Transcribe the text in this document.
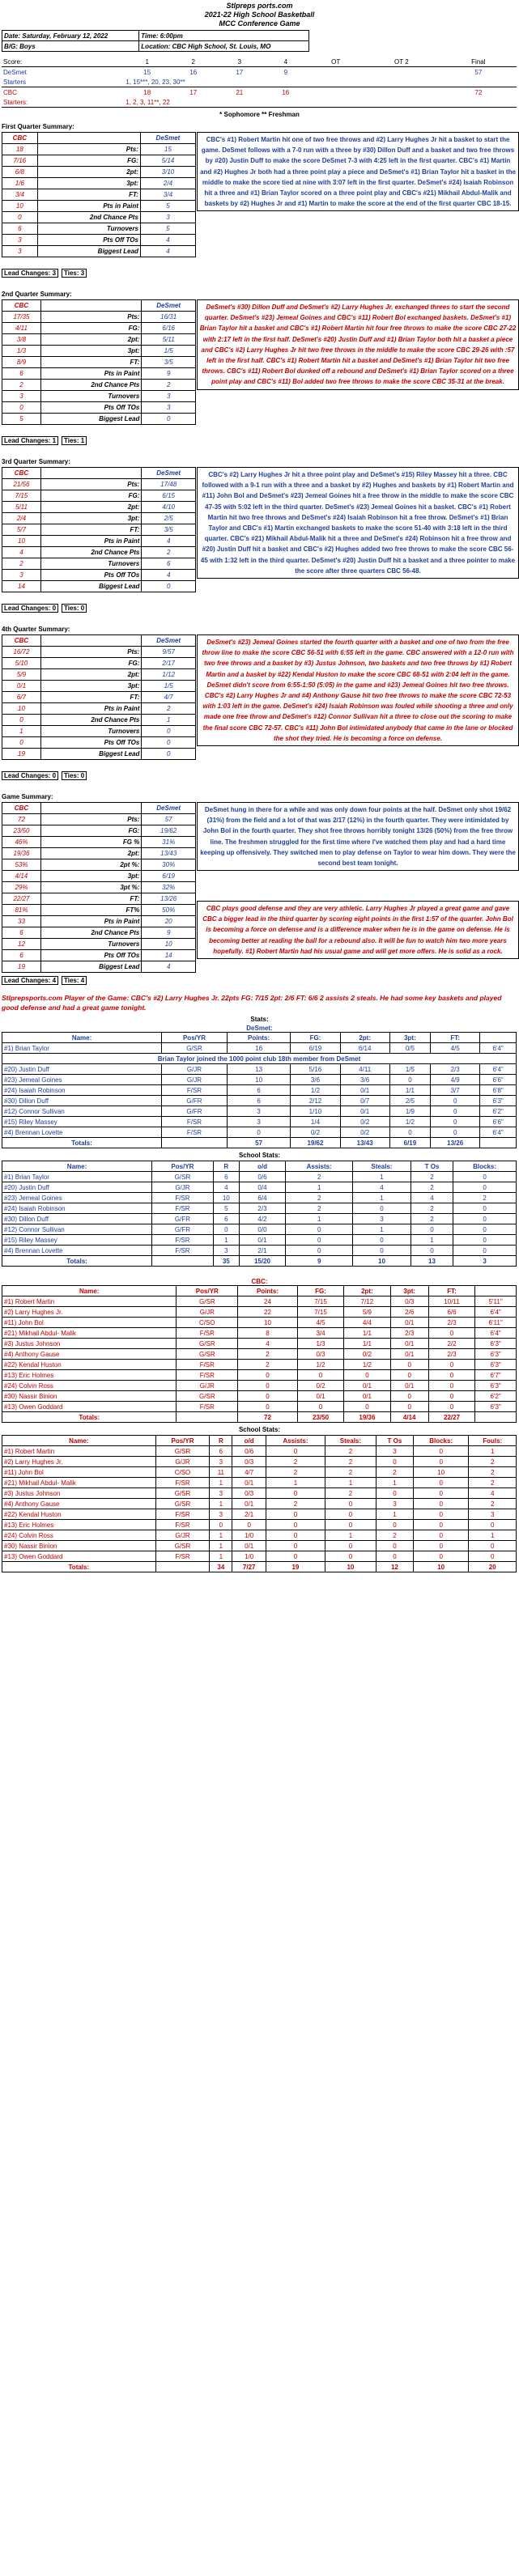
Stlpreps ports.com
2021-22 High School Basketball
MCC Conference Game
Date: Saturday, February 12, 2022	Time: 6:00pm
B/G: Boys	Location: CBC High School, St. Louis, MO
Score:	1	2	3	4	OT	OT 2	Final
DeSmet	15	16	17	9			57
Starters	1, 15***, 20, 23, 30**						
CBC	18	17	21	16			72
Starters:	1, 2, 3, 11**, 22						
* Sophomore ** Freshman
First Quarter Summary:
CBC		DeSmet
18	Pts:	15
7/16	FG:	5/14
6/8	2pt:	3/10
1/6	3pt:	2/4
3/4	FT:	3/4
10	Pts in Paint	5
0	2nd Chance Pts	3
6	Turnovers	5
3	Pts Off TOs	4
3	Biggest Lead	4
CBC's #1) Robert Martin hit one of two free throws and #2) Larry Hughes Jr hit a basket to start the game. DeSmet follows with a 7-0 run with a three by #30) Dillon Duff and a basket and two free throws by #20) Justin Duff to make the score DeSmet 7-3 with 4:25 left in the first quarter. CBC's #1) Martin and #2) Hughes Jr both had a three point play a piece and DeSmet's #1) Brian Taylor hit a basket in the middle to make the score tied at nine with 3:07 left in the first quarter. DeSmet's #24) Isaiah Robinson hit a three and #1) Brian Taylor scored on a three point play and CBC's #21) Mikhail Abdul-Malik and baskets by #2) Hughes Jr and #1) Martin to make the score at the end of the first quarter CBC 18-15.
Lead Changes: 3 Ties: 3
2nd Quarter Summary:
CBC		DeSmet
17/35	Pts:	16/31
4/11	FG:	6/16
3/8	2pt:	5/11
1/3	3pt:	1/5
8/9	FT:	3/5
6	Pts in Paint	9
2	2nd Chance Pts	2
3	Turnovers	3
0	Pts Off TOs	3
5	Biggest Lead	0
DeSmet's #30) Dillon Duff and DeSmet's #2) Larry Hughes Jr. exchanged threes to start the second quarter. DeSmet's #23) Jemeal Goines and CBC's #11) Robert Bol exchanged baskets. DeSmet's #1) Brian Taylor hit a basket and CBC's #1) Robert Martin hit four free throws to make the score CBC 27-22 with 2:17 left in the first half. DeSmet's #20) Justin Duff and #1) Brian Taylor both hit a basket a piece and CBC's #2) Larry Hughes Jr hit two free throws in the middle to make the score CBC 29-26 with :57 left in the first half. CBC's #1) Robert Martin hit a basket and DeSmet's #1) Brian Taylor hit two free throws. CBC's #11) Robert Bol dunked off a rebound and DeSmet's #1) Brian Taylor scored on a three point play and CBC's #11) Bol added two free throws to make the score CBC 35-31 at the break.
Lead Changes: 1 Ties: 1
3rd Quarter Summary:
CBC		DeSmet
21/56	Pts:	17/48
7/15	FG:	6/15
5/11	2pt:	4/10
2/4	3pt:	2/5
5/7	FT:	3/5
10	Pts in Paint	4
4	2nd Chance Pts	2
2	Turnovers	6
3	Pts Off TOs	4
14	Biggest Lead	0
CBC's #2) Larry Hughes Jr hit a three point play and DeSmet's #15) Riley Massey hit a three. CBC followed with a 9-1 run with a three and a basket by #2) Hughes and baskets by #1) Robert Martin and #11) John Bol and DeSmet's #23) Jemeal Goines hit a free throw in the middle to make the score CBC 47-35 with 5:02 left in the third quarter. DeSmet's #23) Jemeal Goines hit a basket. CBC's #1) Robert Martin hit two free throws and DeSmet's #24) Isaiah Robinson hit a free throw. DeSmet's #1) Brian Taylor and CBC's #1) Martin exchanged baskets to make the score 51-40 with 3:18 left in the third quarter. CBC's #21) Mikhail Abdul-Malik hit a three and DeSmet's #24) Robinson hit a free throw and #20) Justin Duff hit a basket and CBC's #2) Hughes added two free throws to make the score CBC 56-45 with 1:32 left in the third quarter. DeSmet's #20) Justin Duff hit a basket and a three pointer to make the score after three quarters CBC 56-48.
Lead Changes: 0 Ties: 0
4th Quarter Summary:
CBC		DeSmet
16/72	Pts:	9/57
5/10	FG:	2/17
5/9	2pt:	1/12
0/1	3pt:	1/5
6/7	FT:	4/7
10	Pts in Paint	2
0	2nd Chance Pts	1
1	Turnovers	0
0	Pts Off TOs	0
19	Biggest Lead	0
DeSmet's #23) Jemeal Goines started the fourth quarter with a basket and one of two from the free throw line to make the score CBC 56-51 with 6:55 left in the game. CBC answered with a 12-0 run with two free throws and a basket by #3) Justus Johnson, two baskets and two free throws by #1) Robert Martin and a basket by #22) Kendal Huston to make the score CBC 68-51 with 2:04 left in the game. DeSmet didn't score from 6:55-1:50 (5:05) in the game and #23) Jemeal Goines hit two free throws. CBC's #2) Larry Hughes Jr and #4) Anthony Gause hit two free throws to make the score CBC 72-53 with 1:03 left in the game. DeSmet's #24) Isaiah Robinson was fouled while shooting a three and only made one free throw and DeSmet's #12) Connor Sullivan hit a three to close out the scoring to make the final score CBC 72-57. CBC's #11) John Bol intimidated anybody that came in the lane or blocked the shot they tried. He is becoming a force on defense.
Lead Changes: 0 Ties: 0
Game Summary:
CBC		DeSmet
72	Pts:	57
23/50	FG:	19/62
46%	FG %	31%
19/36	2pt:	13/43
53%	2pt %:	30%
4/14	3pt:	6/19
29%	3pt %:	32%
22/27	FT:	13/26
81%	FT%	50%
33	Pts in Paint	20
6	2nd Chance Pts	9
12	Turnovers	10
6	Pts Off TOs	14
19	Biggest Lead	4
DeSmet hung in there for a while and was only down four points at the half. DeSmet only shot 19/62 (31%) from the field and a lot of that was 2/17 (12%) in the fourth quarter. They were intimidated by John Bol in the fourth quarter. They shot free throws horribly tonight 13/26 (50%) from the free throw line. The freshmen struggled for the first time where I've watched them play and had a hard time keeping up offensively. They switched men to play defense on Taylor to wear him down. They were the second best team tonight.
CBC plays good defense and they are very athletic. Larry Hughes Jr played a great game and gave CBC a bigger lead in the third quarter by scoring eight points in the first 1:57 of the quarter. John Bol is becoming a force on defense and is a difference maker when he is in the game on defense. He is becoming better at reading the ball for a rebound also. It will be fun to watch him two more years hopefully. #1) Robert Martin had his usual game and will get more offers. He is solid as a rock.
Lead Changes: 4 Ties: 4
Stlprepsports.com Player of the Game: CBC's #2) Larry Hughes Jr. 22pts FG: 7/15 2pt: 2/6 FT: 6/6 2 assists 2 steals. He had some key baskets and played good defense and had a great game tonight.
Stats:
DeSmet:
Name:	Pos/YR	Points:	FG:	2pt:	3pt:	FT:	
#1) Brian Taylor	G/SR	16	6/19	6/14	0/5	4/5	6'4"
Brian Taylor joined the 1000 point club 18th member from DeSmet							
#20) Justin Duff	G/JR	13	5/16	4/11	1/5	2/3	6'4"
#23) Jemeal Goines	G/JR	10	3/6	3/6	0	4/9	6'6"
#24) Isaiah Robinson	F/SR	6	1/2	0/1	1/1	3/7	6'8"
#30) Dillon Duff	G/FR	6	2/12	0/7	2/5	0	6'3"
#12) Connor Sullivan	G/FR	3	1/10	0/1	1/9	0	6'2"
#15) Riley Massey	F/SR	3	1/4	0/2	1/2	0	6'6"
#4) Brennan Lovette	F/SR	0	0/2	0/2	0	0	6'4"
Totals:		57	19/62	13/43	6/19	13/26	
School Stats:
Name:	Pos/YR	R	o/d	Assists:	Steals:	T Os	Blocks:
#1) Brian Taylor	G/SR	6	0/6	2	1	2	0
#20) Justin Duff	G/JR	4	0/4	1	4	2	0
#23) Jemeal Goines	F/SR	10	6/4	2	1	4	2
#24) Isaiah Robinson	F/SR	5	2/3	2	0	2	0
#30) Dillon Duff	G/FR	6	4/2	1	3	2	0
#12) Connor Sullivan	G/FR	0	0/0	0	1	0	0
#15) Riley Massey	F/SR	1	0/1	0	0	1	0
#4) Brennan Lovette	F/SR	3	2/1	0	0	0	0
Totals:		35	15/20	9	10	13	3
CBC:
Name:	Pos/YR	Points:	FG:	2pt:	3pt:	FT:	
#1) Robert Martin	G/SR	24	7/15	7/12	0/3	10/11	5'11"
#2) Larry Hughes Jr.	G/JR	22	7/15	5/9	2/6	6/6	6'4"
#11) John Bol	C/SO	10	4/5	4/4	0/1	2/3	6'11"
#21) Mikhail Abdul- Malik	F/SR	8	3/4	1/1	2/3	0	6'4"
#3) Justus Johnson	G/SR	4	1/3	1/1	0/1	2/2	6'3"
#4) Anthony Gause	G/SR	2	0/3	0/2	0/1	2/3	6'3"
#22) Kendal Huston	F/SR	2	1/2	1/2	0	0	6'3"
#13) Eric Holmes	F/SR	0	0	0	0	0	6'7"
#24) Colvin Ross	G/JR	0	0/2	0/1	0/1	0	6'3"
#30) Nassir Binion	G/SR	0	0/1	0/1	0	0	6'2"
#13) Owen Goddard	F/SR	0	0	0	0	0	6'3"
Totals:		72	23/50	19/36	4/14	22/27	
School Stats:
Name:	Pos/YR	R	o/d	Assists:	Steals:	T Os	Blocks:	Fouls:
#1) Robert Martin	G/SR	6	0/6	0	2	3	0	1
#2) Larry Hughes Jr.	G/JR	3	0/3	2	2	0	0	2
#11) John Bol	C/SO	11	4/7	2	2	2	10	2
#21) Mikhail Abdul- Malik	F/SR	1	0/1	1	1	1	0	2
#3) Justus Johnson	G/SR	3	0/3	0	2	0	0	4
#4) Anthony Gause	G/SR	1	0/1	2	0	3	0	2
#22) Kendal Huston	F/SR	3	2/1	0	0	1	0	3
#13) Eric Holmes	F/SR	0	0	0	0	0	0	0
#24) Colvin Ross	G/JR	1	1/0	0	1	2	0	1
#30) Nassir Binion	G/SR	1	0/1	0	0	0	0	0
#13) Owen Goddard	F/SR	1	1/0	0	0	0	0	0
Totals:		34	7/27	19	10	12	10	20
